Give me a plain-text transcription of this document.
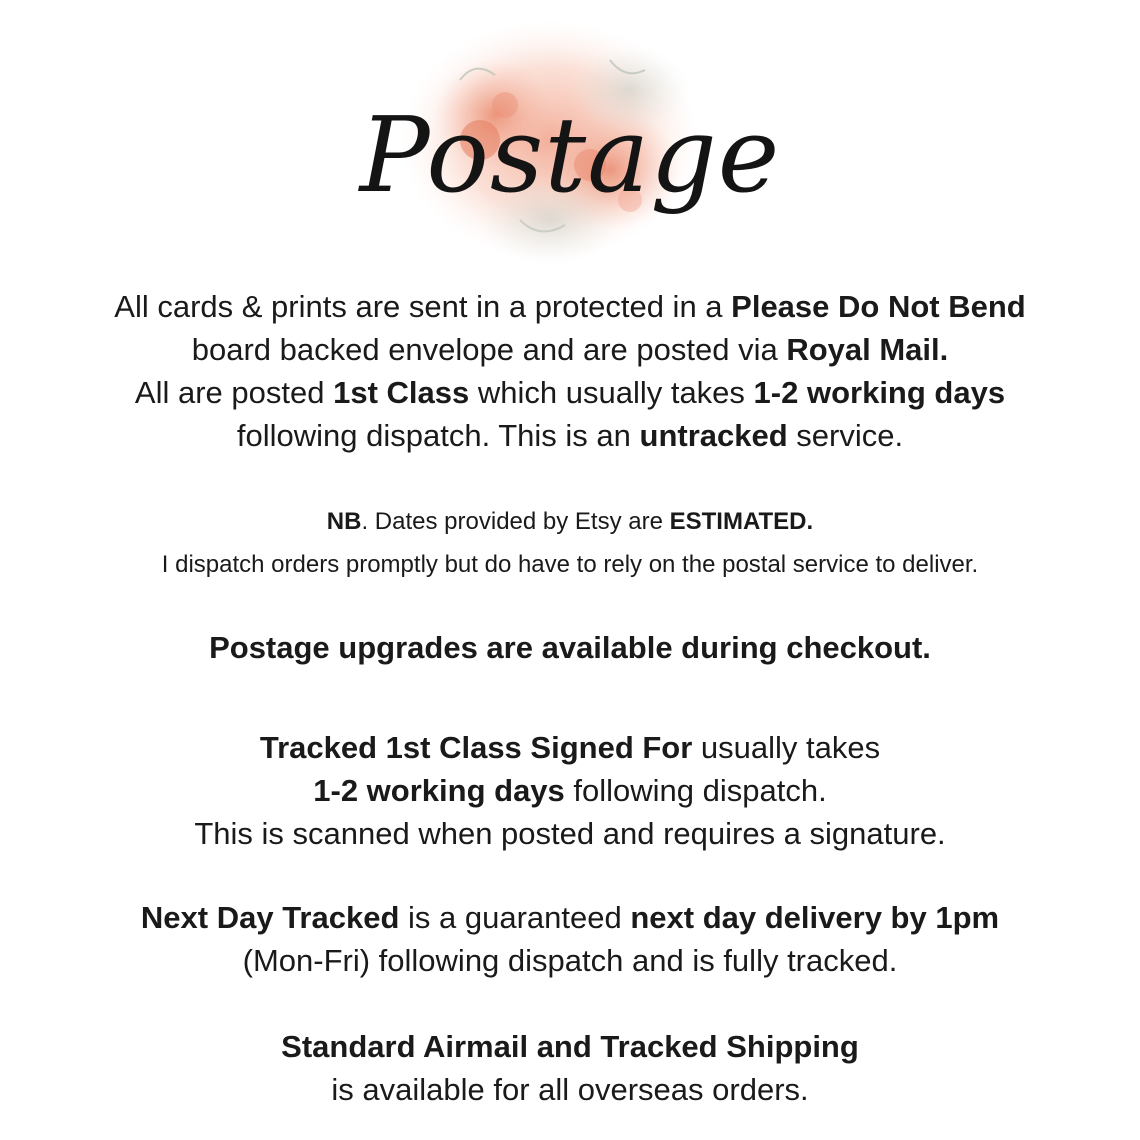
Postage
All cards & prints are sent in a protected in a Please Do Not Bend
board backed envelope and are posted via Royal Mail.
All are posted 1st Class which usually takes 1-2 working days
following dispatch. This is an untracked service.
NB. Dates provided by Etsy are ESTIMATED.
I dispatch orders promptly but do have to rely on the postal service to deliver.
Postage upgrades are available during checkout.
Tracked 1st Class Signed For usually takes
1-2 working days following dispatch.
This is scanned when posted and requires a signature.
Next Day Tracked is a guaranteed next day delivery by 1pm
(Mon-Fri) following dispatch and is fully tracked.
Standard Airmail and Tracked Shipping
is available for all overseas orders.
